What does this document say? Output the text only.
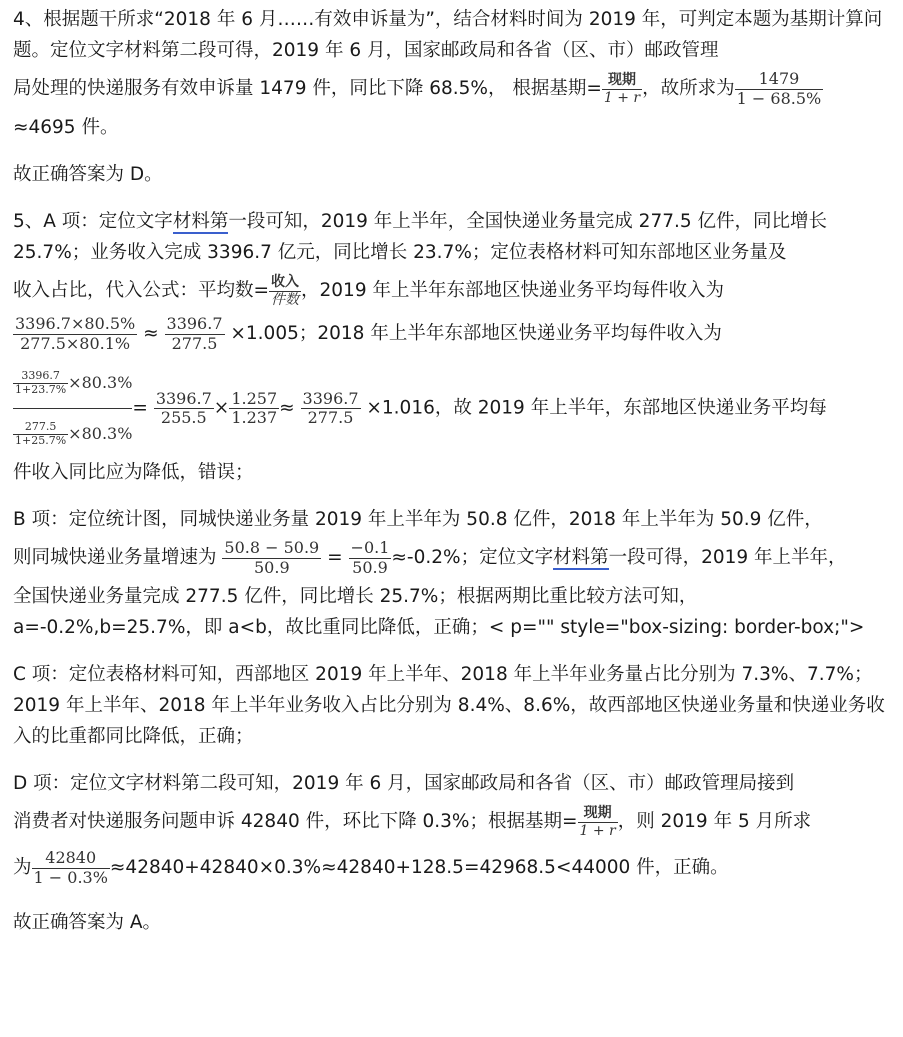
4、根据题干所求“2018 年 6 月……有效申诉量为”，结合材料时间为 2019 年，可判定本题为基期计算问题。定位文字材料第二段可得，2019 年 6 月，国家邮政局和各省（区、市）邮政管理

局处理的快递服务有效申诉量 1479 件，同比下降 68.5%， 根据基期= $\frac{\text{现期}}{1 + r}$ ，故所求为 $\frac{1479}{1 - 68.5\%}$

≈4695 件。

故正确答案为 D。

5、A 项：定位文字材料第一段可知，2019 年上半年，全国快递业务量完成 277.5 亿件，同比增长 25.7%；业务收入完成 3396.7 亿元，同比增长 23.7%；定位表格材料可知东部地区业务量及

收入占比，代入公式：平均数= $\frac{\text{收入}}{\text{件数}}$ ，2019 年上半年东部地区快递业务平均每件收入为

$\frac{3396.7\times 80.5\%}{277.5\times 80.1\%} \approx \frac{3396.7}{277.5} \times 1.005$；2018 年上半年东部地区快递业务平均每件收入为

$\frac{\frac{3396.7}{1+23.7\%} \times 80.3\%}{\frac{277.5}{1+25.7\%} \times 80.3\%} = \frac{3396.7}{255.5} \times \frac{1.257}{1.237} \approx \frac{3396.7}{277.5} \times 1.016$，故 2019 年上半年，东部地区快递业务平均每

件收入同比应为降低，错误；

B 项：定位统计图，同城快递业务量 2019 年上半年为 50.8 亿件，2018 年上半年为 50.9 亿件，

则同城快递业务量增速为 $\frac{50.8 - 50.9}{50.9} = \frac{-0.1}{50.9} \approx-0.2\%$；定位文字材料第一段可得，2019 年上半年，

全国快递业务量完成 277.5 亿件，同比增长 25.7%；根据两期比重比较方法可知，

a=-0.2%,b=25.7%，即 a<b，故比重同比降低，正确；< p="" style="box-sizing: border-box;">

C 项：定位表格材料可知，西部地区 2019 年上半年、2018 年上半年业务量占比分别为 7.3%、7.7%；2019 年上半年、2018 年上半年业务收入占比分别为 8.4%、8.6%，故西部地区快递业务量和快递业务收入的比重都同比降低，正确；

D 项：定位文字材料第二段可知，2019 年 6 月，国家邮政局和各省（区、市）邮政管理局接到

消费者对快递服务问题申诉 42840 件，环比下降 0.3%；根据基期= $\frac{\text{现期}}{1 + r}$ ，则 2019 年 5 月所求

为 $\frac{42840}{1 - 0.3\%} \approx 42840+42840\times 0.3\%\approx 42840+128.5=42968.5<44000$ 件，正确。

故正确答案为 A。
